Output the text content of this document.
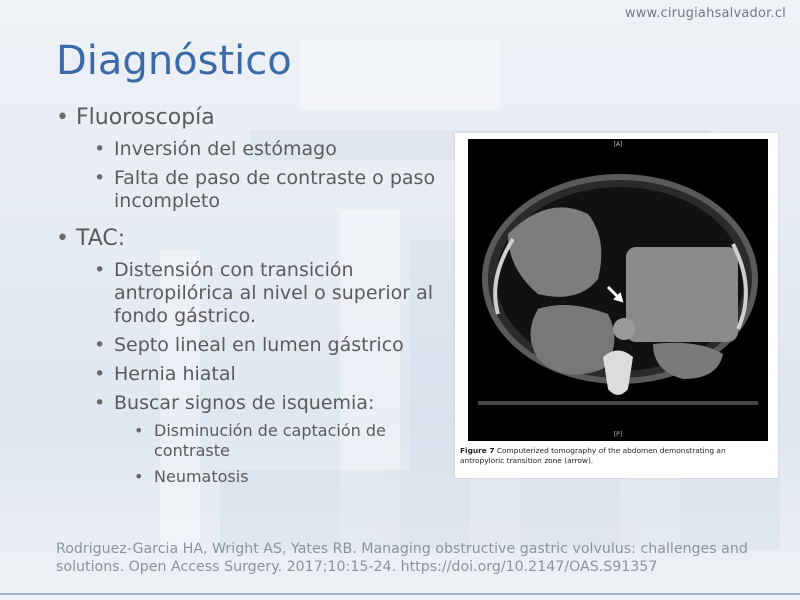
www.cirugiahsalvador.cl
Diagnóstico
• Fluoroscopía
• Inversión del estómago
• Falta de paso de contraste o paso incompleto
• TAC:
• Distensión con transición antropilórica al nivel o superior al fondo gástrico.
• Septo lineal en lumen gástrico
• Hernia hiatal
• Buscar signos de isquemia:
• Disminución de captación de contraste
• Neumatosis
[A]
[P]
Figure 7 Computerized tomography of the abdomen demonstrating an antropyloric transition zone (arrow).

Rodriguez-Garcia HA, Wright AS, Yates RB. Managing obstructive gastric volvulus: challenges and solutions. Open Access Surgery. 2017;10:15-24. https://doi.org/10.2147/OAS.S91357
